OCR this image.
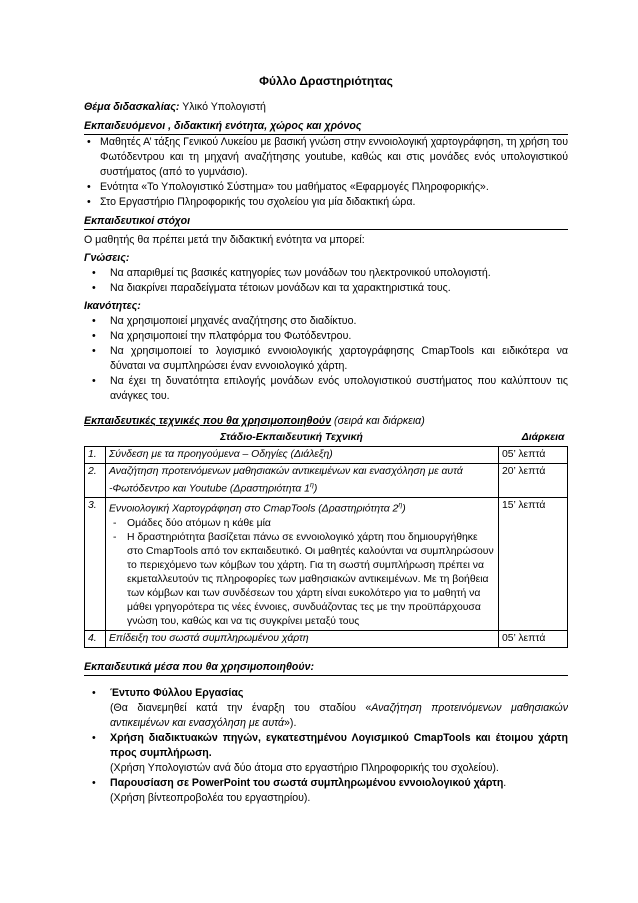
Φύλλο Δραστηριότητας
Θέμα διδασκαλίας: Υλικό Υπολογιστή
Εκπαιδευόμενοι , διδακτική ενότητα, χώρος και χρόνος
• Μαθητές Α’ τάξης Γενικού Λυκείου με βασική γνώση στην εννοιολογική χαρτογράφηση, τη χρήση του Φωτόδεντρου και τη μηχανή αναζήτησης youtube, καθώς και στις μονάδες ενός υπολογιστικού συστήματος (από το γυμνάσιο).
• Ενότητα «Το Υπολογιστικό Σύστημα» του μαθήματος «Εφαρμογές Πληροφορικής».
• Στο Εργαστήριο Πληροφορικής του σχολείου για μία διδακτική ώρα.
Εκπαιδευτικοί στόχοι
Ο μαθητής θα πρέπει μετά την διδακτική ενότητα να μπορεί:
Γνώσεις:
• Να απαριθμεί τις βασικές κατηγορίες των μονάδων του ηλεκτρονικού υπολογιστή.
• Να διακρίνει παραδείγματα τέτοιων μονάδων και τα χαρακτηριστικά τους.
Ικανότητες:
• Να χρησιμοποιεί μηχανές αναζήτησης στο διαδίκτυο.
• Να χρησιμοποιεί την πλατφόρμα του Φωτόδεντρου.
• Να χρησιμοποιεί το λογισμικό εννοιολογικής χαρτογράφησης CmapTools και ειδικότερα να δύναται να συμπληρώσει έναν εννοιολογικό χάρτη.
• Να έχει τη δυνατότητα επιλογής μονάδων ενός υπολογιστικού συστήματος που καλύπτουν τις ανάγκες του.
Εκπαιδευτικές τεχνικές που θα χρησιμοποιηθούν (σειρά και διάρκεια)
Στάδιο-Εκπαιδευτική Τεχνική		Διάρκεια
1.	Σύνδεση με τα προηγούμενα – Οδηγίες (Διάλεξη)	05’ λεπτά
2.	Αναζήτηση προτεινόμενων μαθησιακών αντικειμένων και ενασχόληση με αυτά -Φωτόδεντρο και Youtube (Δραστηριότητα $1^\eta$)	20’ λεπτά
3.	Εννοιολογική Χαρτογράφηση στο CmapTools (Δραστηριότητα $2^\eta$)
- Ομάδες δύο ατόμων η κάθε μία
- Η δραστηριότητα βασίζεται πάνω σε εννοιολογικό χάρτη που δημιουργήθηκε στο CmapTools από τον εκπαιδευτικό. Οι μαθητές καλούνται να συμπληρώσουν το περιεχόμενο των κόμβων του χάρτη. Για τη σωστή συμπλήρωση πρέπει να εκμεταλλευτούν τις πληροφορίες των μαθησιακών αντικειμένων. Με τη βοήθεια των κόμβων και των συνδέσεων του χάρτη είναι ευκολότερο για το μαθητή να μάθει γρηγορότερα τις νέες έννοιες, συνδυάζοντας τες με την προϋπάρχουσα γνώση του, καθώς και να τις συγκρίνει μεταξύ τους	15’ λεπτά
4.	Επίδειξη του σωστά συμπληρωμένου χάρτη	05’ λεπτά
Εκπαιδευτικά μέσα που θα χρησιμοποιηθούν:
• Έντυπο Φύλλου Εργασίας
(Θα διανεμηθεί κατά την έναρξη του σταδίου «Αναζήτηση προτεινόμενων μαθησιακών αντικειμένων και ενασχόληση με αυτά»).
• Χρήση διαδικτυακών πηγών, εγκατεστημένου Λογισμικού CmapTools και έτοιμου χάρτη προς συμπλήρωση.
(Χρήση Υπολογιστών ανά δύο άτομα στο εργαστήριο Πληροφορικής του σχολείου).
• Παρουσίαση σε PowerPoint του σωστά συμπληρωμένου εννοιολογικού χάρτη.
(Χρήση βίντεοπροβολέα του εργαστηρίου).
